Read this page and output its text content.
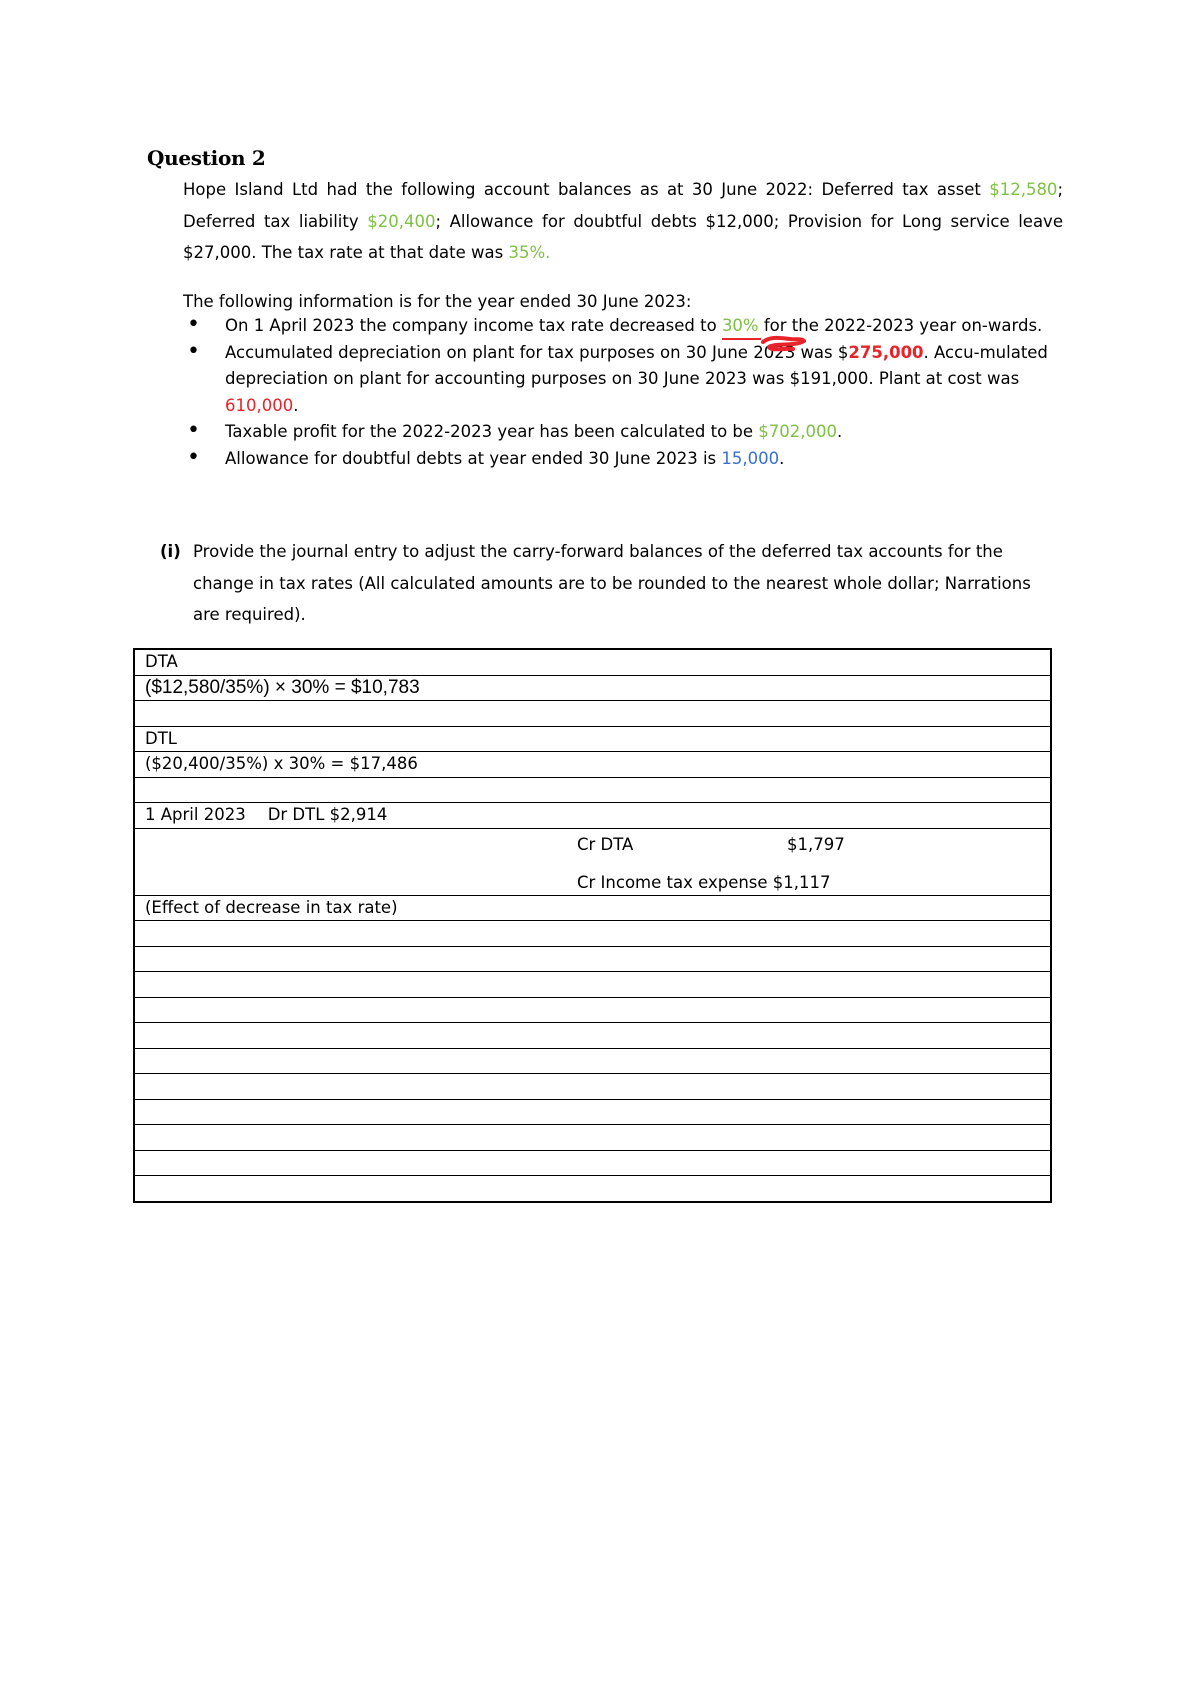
Question 2
Hope Island Ltd had the following account balances as at 30 June 2022: Deferred tax asset $12,580; Deferred tax liability $20,400; Allowance for doubtful debts $12,000; Provision for Long service leave $27,000. The tax rate at that date was 35%.
The following information is for the year ended 30 June 2023:
• On 1 April 2023 the company income tax rate decreased to 30%
for the 2022-2023 year on-wards.
• Accumulated depreciation on plant for tax purposes on 30 June 2023 was $275,000. Accu-mulated depreciation on plant for accounting purposes on 30 June 2023 was $191,000. Plant at cost was 610,000.
• Taxable profit for the 2022-2023 year has been calculated to be $702,000.
• Allowance for doubtful debts at year ended 30 June 2023 is 15,000.
(i) Provide the journal entry to adjust the carry-forward balances of the deferred tax accounts for the change in tax rates (All calculated amounts are to be rounded to the nearest whole dollar; Narrations are required).
DTA
($12,580/35%) × 30% = $10,783

DTL
($20,400/35%) x 30% = $17,486

1 April 2023 Dr DTL $2,914

Cr DTA	$1,797
Cr Income tax expense $1,117

(Effect of decrease in tax rate)
